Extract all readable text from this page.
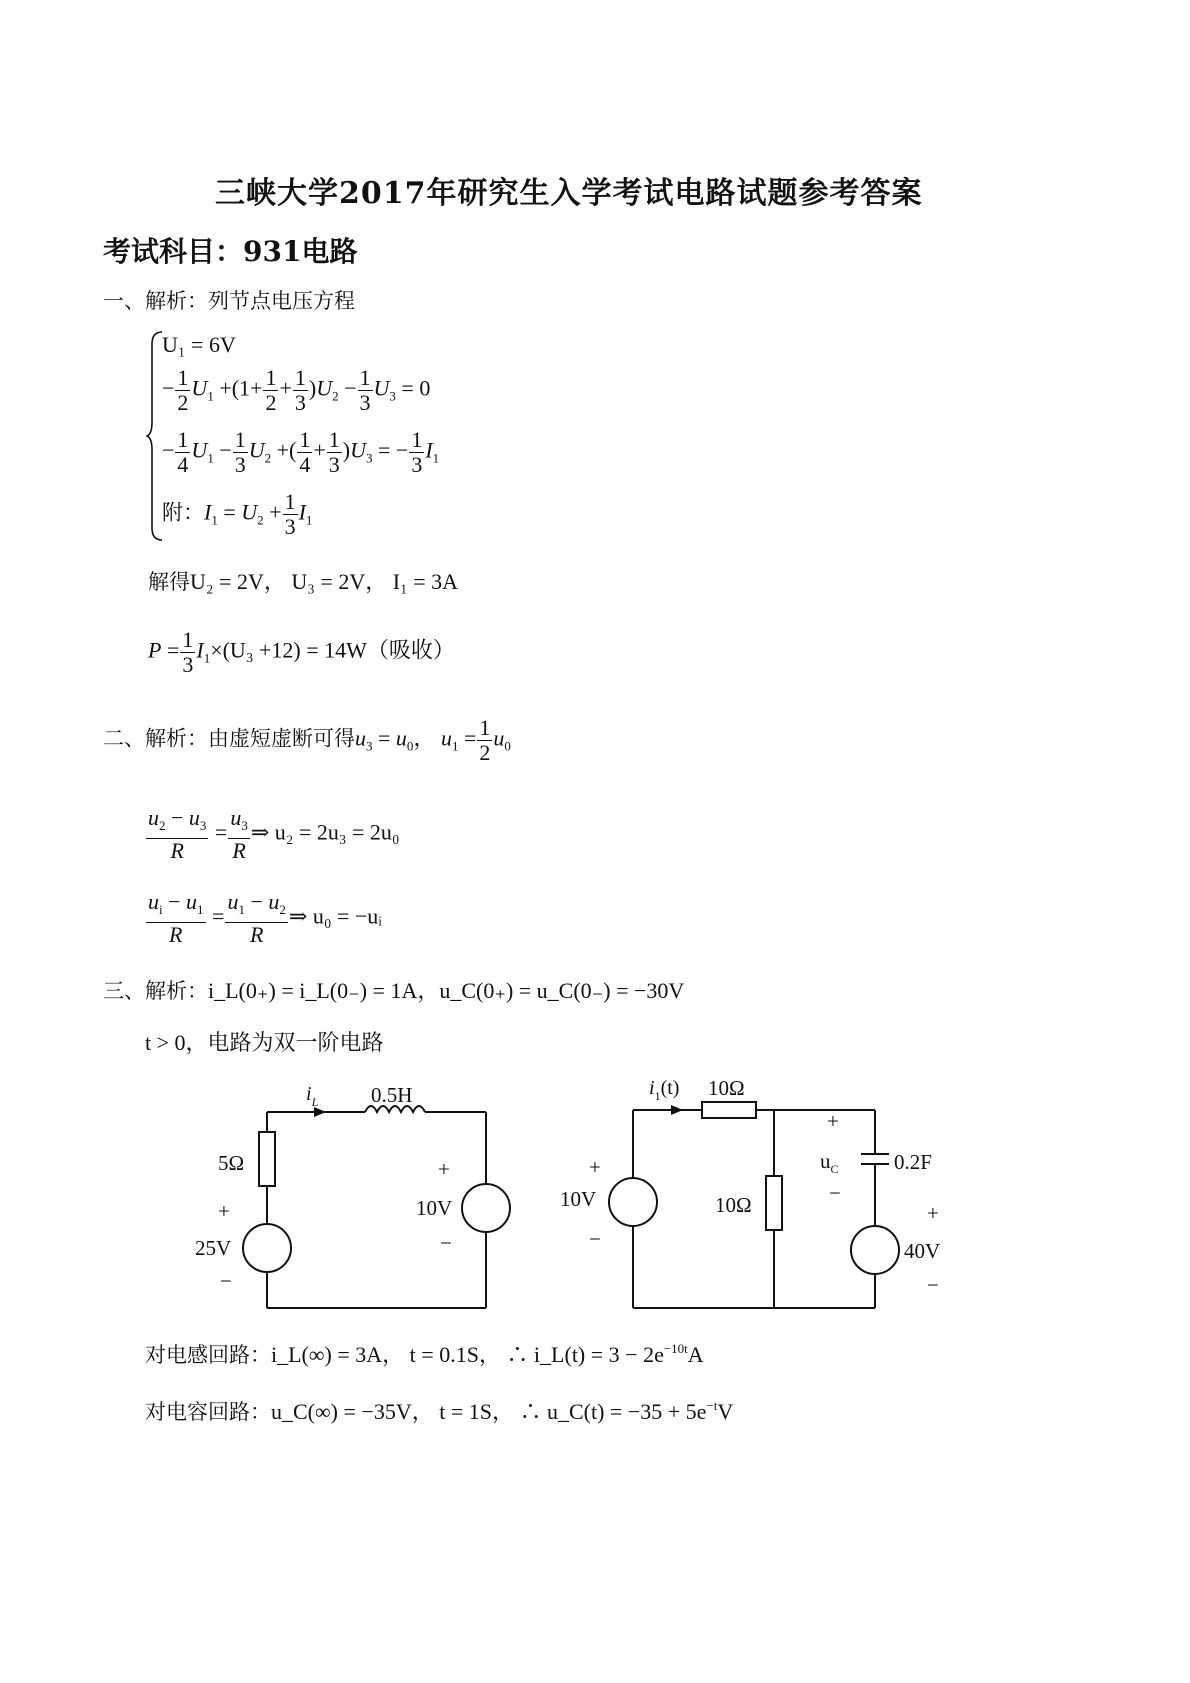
三峡大学2017年研究生入学考试电路试题参考答案
考试科目：931电路
一、解析：列节点电压方程
U₁ = 6V
− $\frac{1}{2} U_1 +(1+ \frac{1}{2} + \frac{1}{3} )U_2 - \frac{1}{3} U_3 = 0$
− $\frac{1}{4} U_1 - \frac{1}{3} U_2$ +( $\frac{1}{4} + \frac{1}{3} )U_3$ = − $\frac{1}{3} I_1$
附：$I_1 = U_2 + \frac{1}{3} I_1$
解得U₂ = 2V， U₃ = 2V， I₁ = 3A
$P = \frac{1}{3} I_1\times(U_3 +12) = 14W$（吸收）
二、解析：由虚短虚断可得$u_3 = u_0$， $u_1 = \frac{1}{2} u_0$
$\frac{u_2 - u_3}{R} = \frac{u_3}{R}$ ⇒ u₂ = 2u₃ = 2u₀
$\frac{u_i - u_1}{R} = \frac{u_1 - u_2}{R}$ ⇒ u₀ = −uᵢ
三、解析：i_L(0₊) = i_L(0₋) = 1A，u_C(0₊) = u_C(0₋) = −30V
t > 0，电路为双一阶电路
$i_L$	0.5H
5Ω
+
25V
−
+
10V
−
$i_1(t)$ 10Ω
10Ω
+
$u_C$
−
0.2F
+
10V
−
+
40V
−
对电感回路：i_L(∞) = 3A， t = 0.1S， ∴ i_L(t) = $3 - 2e^{-10t}A$
对电容回路：u_C(∞) = −35V， t = 1S， ∴ u_C(t) = $-35 + 5e^{-t}V$
